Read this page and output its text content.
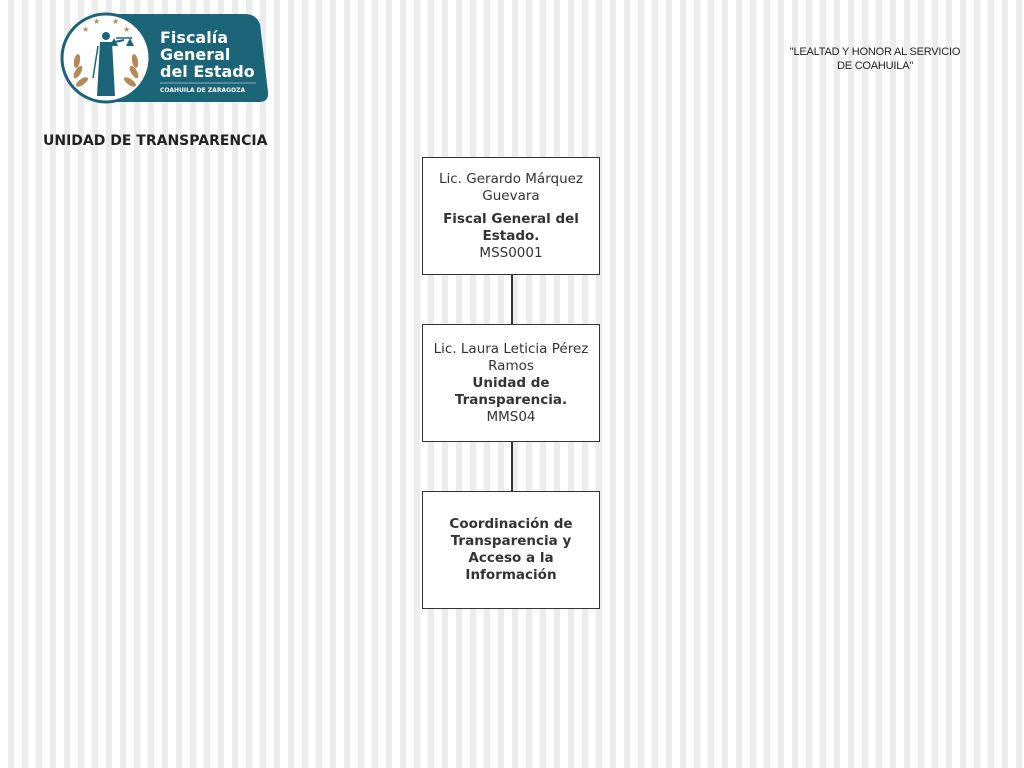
★
★ ★
★ Fiscalía
General
del Estado
COAHUILA DE ZARAGOZA
"LEALTAD Y HONOR AL SERVICIO
DE COAHUILA"
UNIDAD DE TRANSPARENCIA
Lic. Gerardo Márquez Guevara
Fiscal General del Estado.
MSS0001
Lic. Laura Leticia Pérez Ramos
Unidad de Transparencia.
MMS04
Coordinación de Transparencia y Acceso a la Información
